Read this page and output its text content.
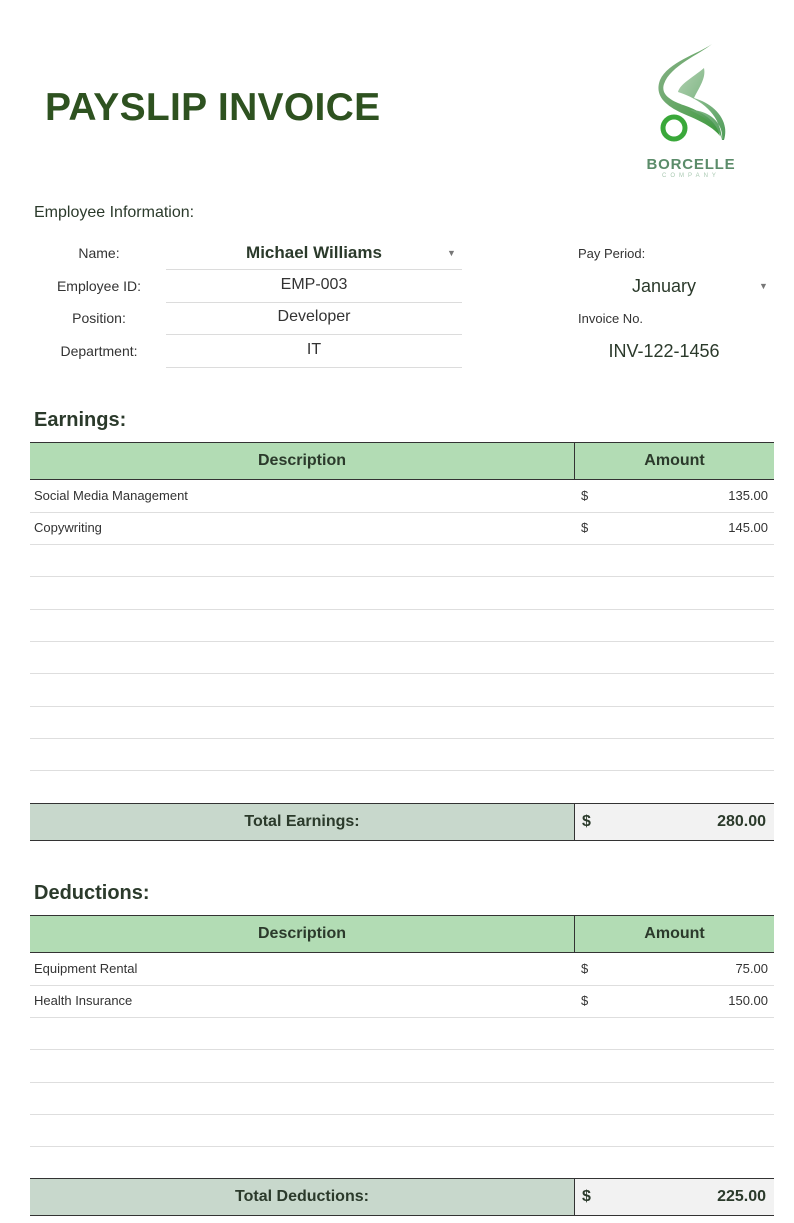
PAYSLIP INVOICE
BORCELLE
COMPANY
Employee Information:
Name:	Michael Williams	▼
Employee ID:	EMP-003
Position:	Developer
Department:	IT
Pay Period:
January	▼
Invoice No.
INV-122-1456
Earnings:
Description	Amount
Social Media Management	$	135.00
Copywriting	$	145.00
Total Earnings:	$	280.00
Deductions:
Description	Amount
Equipment Rental	$	75.00
Health Insurance	$	150.00
Total Deductions:	$	225.00
